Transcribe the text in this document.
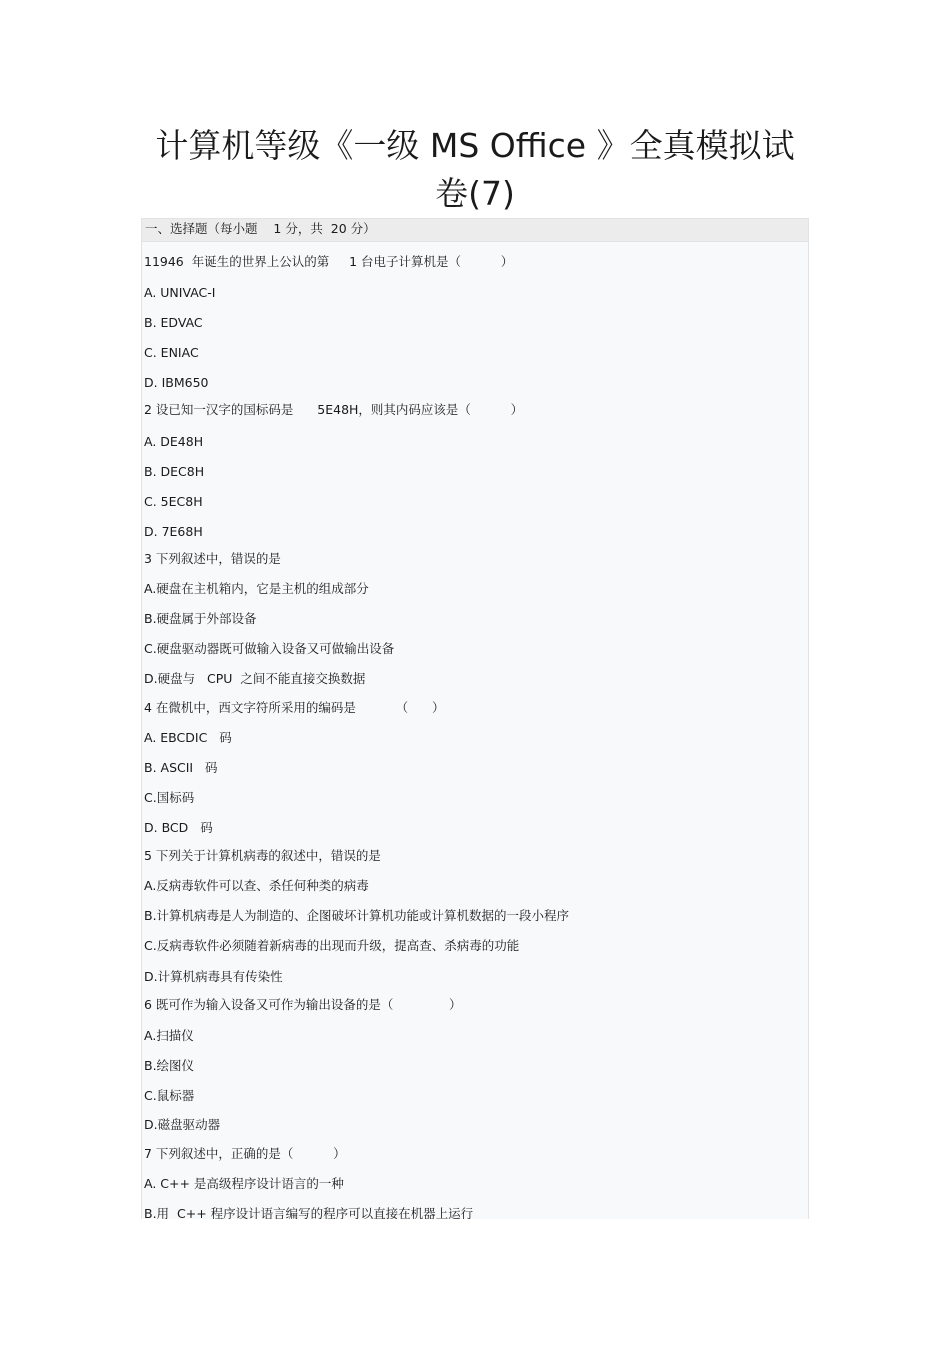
计算机等级《一级 MS Office 》全真模拟试
卷(7)
一、选择题（每小题    1 分，共  20 分）
11946  年诞生的世界上公认的第     1 台电子计算机是（          ）
A. UNIVAC-I
B. EDVAC
C. ENIAC
D. IBM650
2 设已知一汉字的国标码是      5E48H，则其内码应该是（          ）
A. DE48H
B. DEC8H
C. 5EC8H
D. 7E68H
3 下列叙述中，错误的是
A.硬盘在主机箱内，它是主机的组成部分
B.硬盘属于外部设备
C.硬盘驱动器既可做输入设备又可做输出设备
D.硬盘与   CPU  之间不能直接交换数据
4 在微机中，西文字符所采用的编码是          （      ）
A. EBCDIC   码
B. ASCII   码
C.国标码
D. BCD   码
5 下列关于计算机病毒的叙述中，错误的是
A.反病毒软件可以查、杀任何种类的病毒
B.计算机病毒是人为制造的、企图破坏计算机功能或计算机数据的一段小程序
C.反病毒软件必须随着新病毒的出现而升级，提高查、杀病毒的功能
D.计算机病毒具有传染性
6 既可作为输入设备又可作为输出设备的是（              ）
A.扫描仪
B.绘图仪
C.鼠标器
D.磁盘驱动器
7 下列叙述中，正确的是（          ）
A. C++ 是高级程序设计语言的一种
B.用  C++ 程序设计语言编写的程序可以直接在机器上运行
